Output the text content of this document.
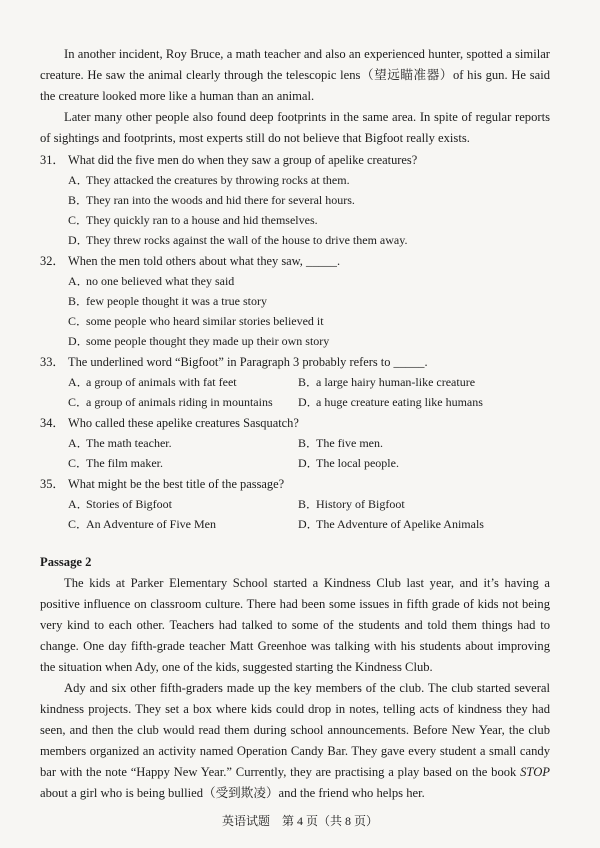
In another incident, Roy Bruce, a math teacher and also an experienced hunter, spotted a similar creature. He saw the animal clearly through the telescopic lens（望远瞄准器）of his gun. He said the creature looked more like a human than an animal.

Later many other people also found deep footprints in the same area. In spite of regular reports of sightings and footprints, most experts still do not believe that Bigfoot really exists.

31． What did the five men do when they saw a group of apelike creatures?
A．
They attacked the creatures by throwing rocks at them.
B．
They ran into the woods and hid there for several hours.
C．
They quickly ran to a house and hid themselves.
D．
They threw rocks against the wall of the house to drive them away.
32． When the men told others about what they saw, _____.
A．
no one believed what they said
B．
few people thought it was a true story
C．
some people who heard similar stories believed it
D．
some people thought they made up their own story
33． The underlined word “Bigfoot” in Paragraph 3 probably refers to _____.
A．
a group of animals with fat feet	B．
a large hairy human-like creature
C．
a group of animals riding in mountains D．
a huge creature eating like humans
34． Who called these apelike creatures Sasquatch?
A．
The math teacher.	B．
The five men.
C．
The film maker.	D．
The local people.
35． What might be the best title of the passage?
A．
Stories of Bigfoot	B．
History of Bigfoot
C．
An Adventure of Five Men	D．
The Adventure of Apelike Animals
Passage 2

The kids at Parker Elementary School started a Kindness Club last year, and it’s having a positive influence on classroom culture. There had been some issues in fifth grade of kids not being very kind to each other. Teachers had talked to some of the students and told them things had to change. One day fifth-grade teacher Matt Greenhoe was talking with his students about improving the situation when Ady, one of the kids, suggested starting the Kindness Club.

Ady and six other fifth-graders made up the key members of the club. The club started several kindness projects. They set a box where kids could drop in notes, telling acts of kindness they had seen, and then the club would read them during school announcements. Before New Year, the club members organized an activity named Operation Candy Bar. They gave every student a small candy bar with the note “Happy New Year.” Currently, they are practising a play based on the book STOP about a girl who is being bullied（受到欺凌）and the friend who helps her.

英语试题　第 4 页（共 8 页）
